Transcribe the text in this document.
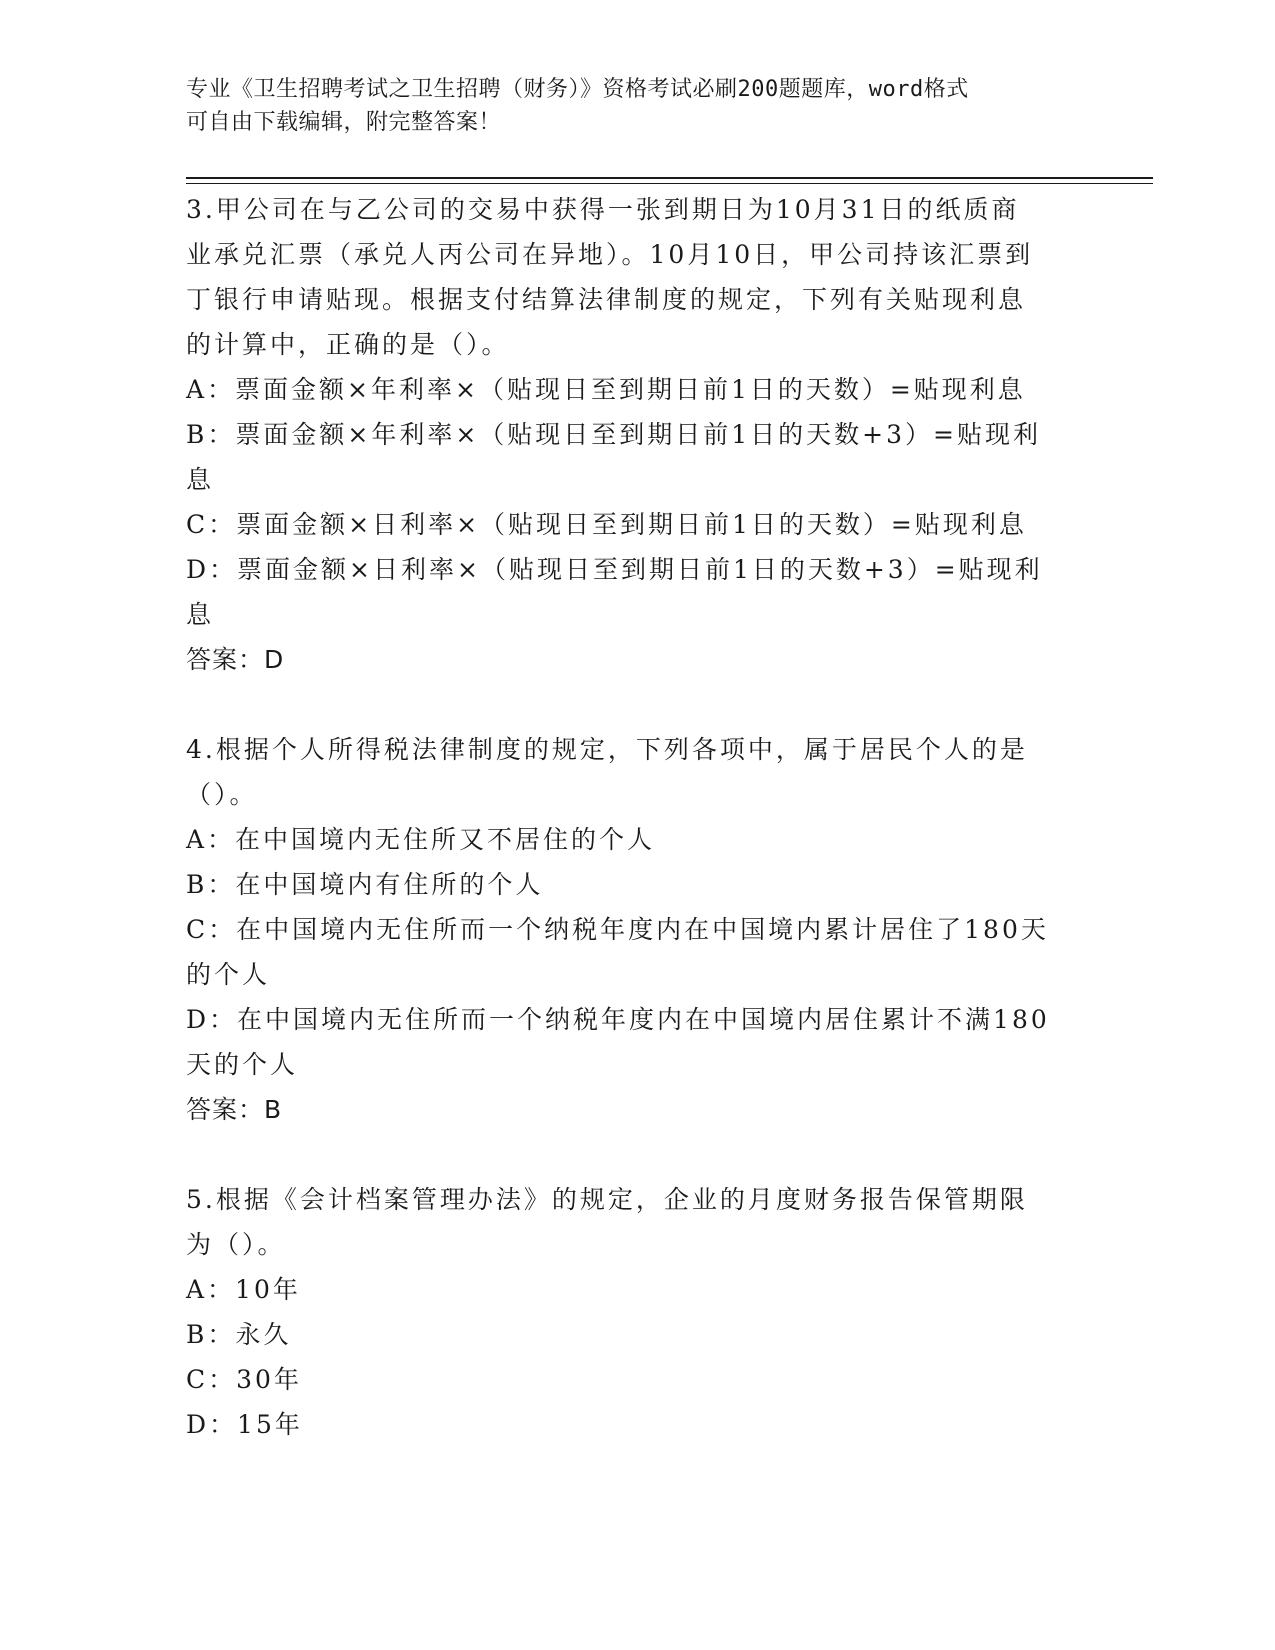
专业《卫生招聘考试之卫生招聘（财务）》资格考试必刷200题题库，word格式
可自由下载编辑，附完整答案！

3.甲公司在与乙公司的交易中获得一张到期日为10月31日的纸质商

业承兑汇票（承兑人丙公司在异地）。10月10日，甲公司持该汇票到

丁银行申请贴现。根据支付结算法律制度的规定，下列有关贴现利息

的计算中，正确的是（）。

A：票面金额×年利率×（贴现日至到期日前1日的天数）=贴现利息

B：票面金额×年利率×（贴现日至到期日前1日的天数+3）=贴现利

息

C：票面金额×日利率×（贴现日至到期日前1日的天数）=贴现利息

D：票面金额×日利率×（贴现日至到期日前1日的天数+3）=贴现利

息

答案：D

4.根据个人所得税法律制度的规定，下列各项中，属于居民个人的是

（）。

A：在中国境内无住所又不居住的个人

B：在中国境内有住所的个人

C：在中国境内无住所而一个纳税年度内在中国境内累计居住了180天

的个人

D：在中国境内无住所而一个纳税年度内在中国境内居住累计不满180

天的个人

答案：B

5.根据《会计档案管理办法》的规定，企业的月度财务报告保管期限

为（）。

A：10年

B：永久

C：30年

D：15年
